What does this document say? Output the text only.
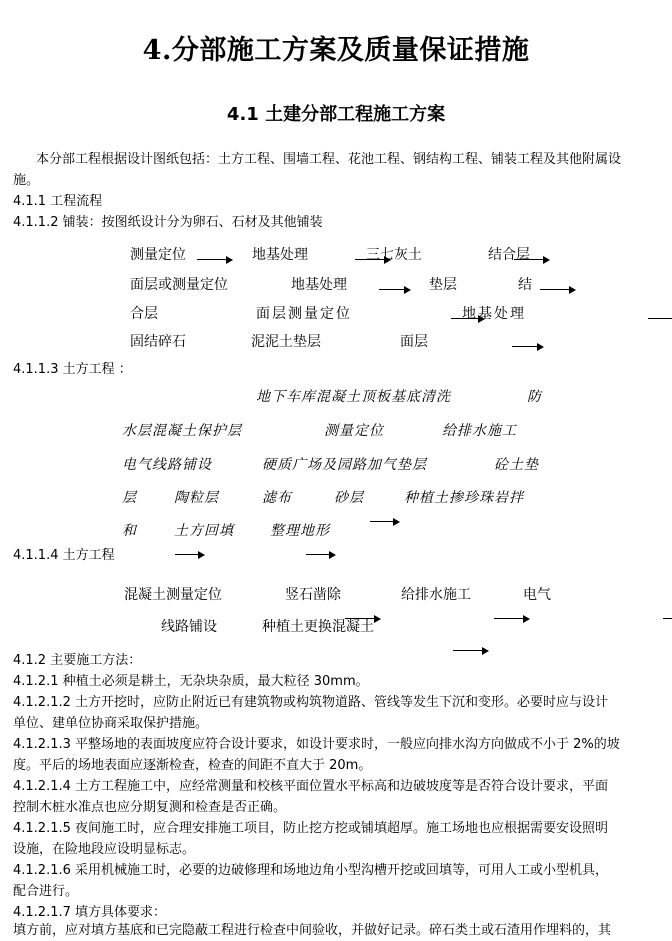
4.分部施工方案及质量保证措施
4.1 土建分部工程施工方案
本分部工程根据设计图纸包括：土方工程、围墙工程、花池工程、钢结构工程、铺装工程及其他附属设
施。
4.1.1 工程流程
4.1.1.2 铺装：按图纸设计分为卵石、石材及其他铺装
测量定位
	地基处理
	三七灰土
	结合层
面层或测量定位
	地基处理
	垫层
	结
合层
	面层测量定位
	地基处理
固结碎石
	泥泥土垫层
	面层
4.1.1.3 土方工程 ：
地下车库混凝土顶板基底清洗
	防
水层混凝土保护层
	测量定位
	给排水施工
电气线路铺设
	硬质广场及园路加气垫层
	砼土垫
层
	陶粒层
	滤布
	砂层
	种植土掺珍珠岩拌
和
	土方回填
	整理地形
4.1.1.4 土方工程
混凝土测量定位
	竖石凿除
	给排水施工
	电气
线路铺设	种植土更换混凝土
4.1.2 主要施工方法：
4.1.2.1 种植土必须是耕土，无杂块杂质，最大粒径 30mm。
4.1.2.1.2 土方开挖时，应防止附近已有建筑物或构筑物道路、管线等发生下沉和变形。必要时应与设计
单位、建单位协商采取保护措施。
4.1.2.1.3 平整场地的表面坡度应符合设计要求，如设计要求时，一般应向排水沟方向做成不小于 2%的坡
度。平后的场地表面应逐渐检查，检查的间距不直大于 20m。
4.1.2.1.4 土方工程施工中，应经常测量和校核平面位置水平标高和边破坡度等是否符合设计要求，平面
控制木桩水准点也应分期复测和检查是否正确。
4.1.2.1.5 夜间施工时，应合理安排施工项目，防止挖方挖或铺填超厚。施工场地也应根据需要安设照明
设施，在险地段应设明显标志。
4.1.2.1.6 采用机械施工时，必要的边破修理和场地边角小型沟槽开挖或回填等，可用人工或小型机具，
配合进行。
4.1.2.1.7 填方具体要求：
填方前，应对填方基底和已完隐蔽工程进行检查中间验收，并做好记录。碎石类土或石渣用作埋料的，其
